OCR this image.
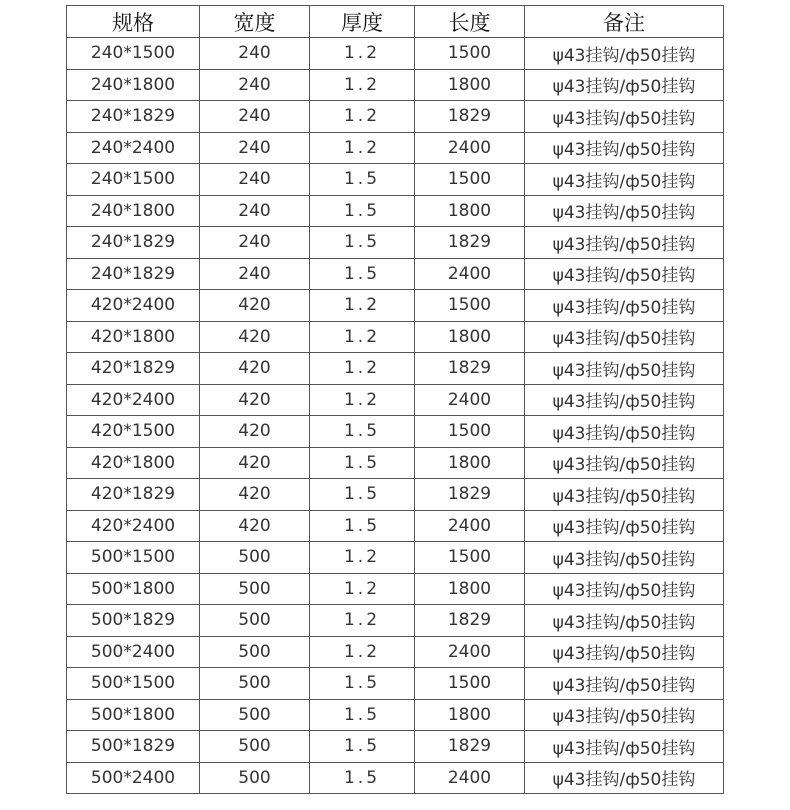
规格	宽度	厚度	长度	备注
240*1500	240	1.2	1500	ψ43挂钩/ф50挂钩
240*1800	240	1.2	1800	ψ43挂钩/ф50挂钩
240*1829	240	1.2	1829	ψ43挂钩/ф50挂钩
240*2400	240	1.2	2400	ψ43挂钩/ф50挂钩
240*1500	240	1.5	1500	ψ43挂钩/ф50挂钩
240*1800	240	1.5	1800	ψ43挂钩/ф50挂钩
240*1829	240	1.5	1829	ψ43挂钩/ф50挂钩
240*1829	240	1.5	2400	ψ43挂钩/ф50挂钩
420*2400	420	1.2	1500	ψ43挂钩/ф50挂钩
420*1800	420	1.2	1800	ψ43挂钩/ф50挂钩
420*1829	420	1.2	1829	ψ43挂钩/ф50挂钩
420*2400	420	1.2	2400	ψ43挂钩/ф50挂钩
420*1500	420	1.5	1500	ψ43挂钩/ф50挂钩
420*1800	420	1.5	1800	ψ43挂钩/ф50挂钩
420*1829	420	1.5	1829	ψ43挂钩/ф50挂钩
420*2400	420	1.5	2400	ψ43挂钩/ф50挂钩
500*1500	500	1.2	1500	ψ43挂钩/ф50挂钩
500*1800	500	1.2	1800	ψ43挂钩/ф50挂钩
500*1829	500	1.2	1829	ψ43挂钩/ф50挂钩
500*2400	500	1.2	2400	ψ43挂钩/ф50挂钩
500*1500	500	1.5	1500	ψ43挂钩/ф50挂钩
500*1800	500	1.5	1800	ψ43挂钩/ф50挂钩
500*1829	500	1.5	1829	ψ43挂钩/ф50挂钩
500*2400	500	1.5	2400	ψ43挂钩/ф50挂钩
